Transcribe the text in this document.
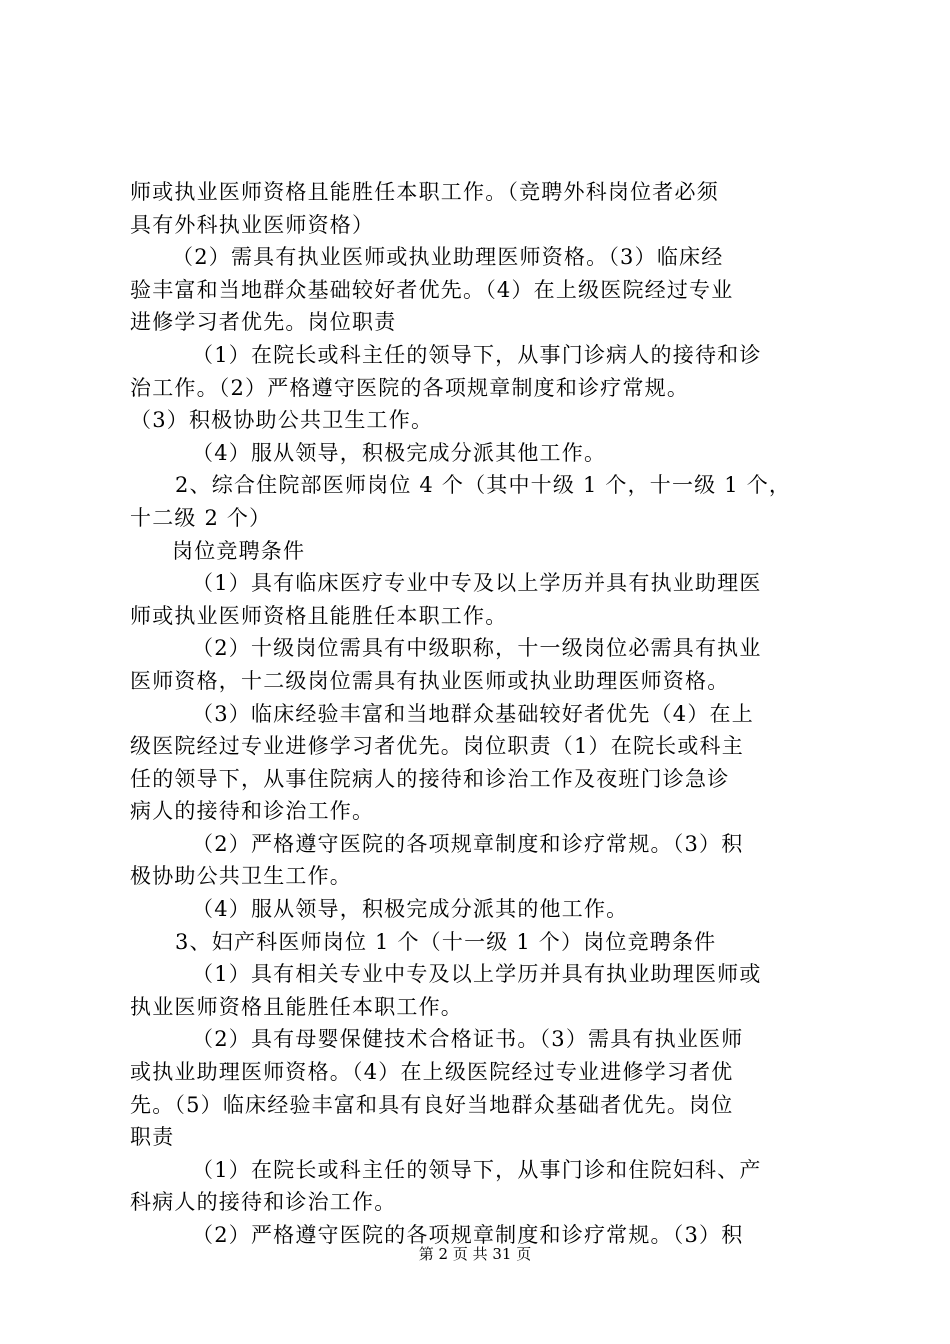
师或执业医师资格且能胜任本职工作。（竞聘外科岗位者必须
具有外科执业医师资格）
（2）需具有执业医师或执业助理医师资格。（3）临床经
验丰富和当地群众基础较好者优先。（4）在上级医院经过专业
进修学习者优先。岗位职责
（1）在院长或科主任的领导下，从事门诊病人的接待和诊
治工作。（2）严格遵守医院的各项规章制度和诊疗常规。
（3）积极协助公共卫生工作。
（4）服从领导，积极完成分派其他工作。
2、综合住院部医师岗位 4 个（其中十级 1 个，十一级 1 个，
十二级 2 个）
岗位竞聘条件
（1）具有临床医疗专业中专及以上学历并具有执业助理医
师或执业医师资格且能胜任本职工作。
（2）十级岗位需具有中级职称，十一级岗位必需具有执业
医师资格，十二级岗位需具有执业医师或执业助理医师资格。
（3）临床经验丰富和当地群众基础较好者优先（4）在上
级医院经过专业进修学习者优先。岗位职责（1）在院长或科主
任的领导下，从事住院病人的接待和诊治工作及夜班门诊急诊
病人的接待和诊治工作。
（2）严格遵守医院的各项规章制度和诊疗常规。（3）积
极协助公共卫生工作。
（4）服从领导，积极完成分派其的他工作。
3、妇产科医师岗位 1 个（十一级 1 个）岗位竞聘条件
（1）具有相关专业中专及以上学历并具有执业助理医师或
执业医师资格且能胜任本职工作。
（2）具有母婴保健技术合格证书。（3）需具有执业医师
或执业助理医师资格。（4）在上级医院经过专业进修学习者优
先。（5）临床经验丰富和具有良好当地群众基础者优先。岗位
职责
（1）在院长或科主任的领导下，从事门诊和住院妇科、产
科病人的接待和诊治工作。
（2）严格遵守医院的各项规章制度和诊疗常规。（3）积
第 2 页 共 31 页
